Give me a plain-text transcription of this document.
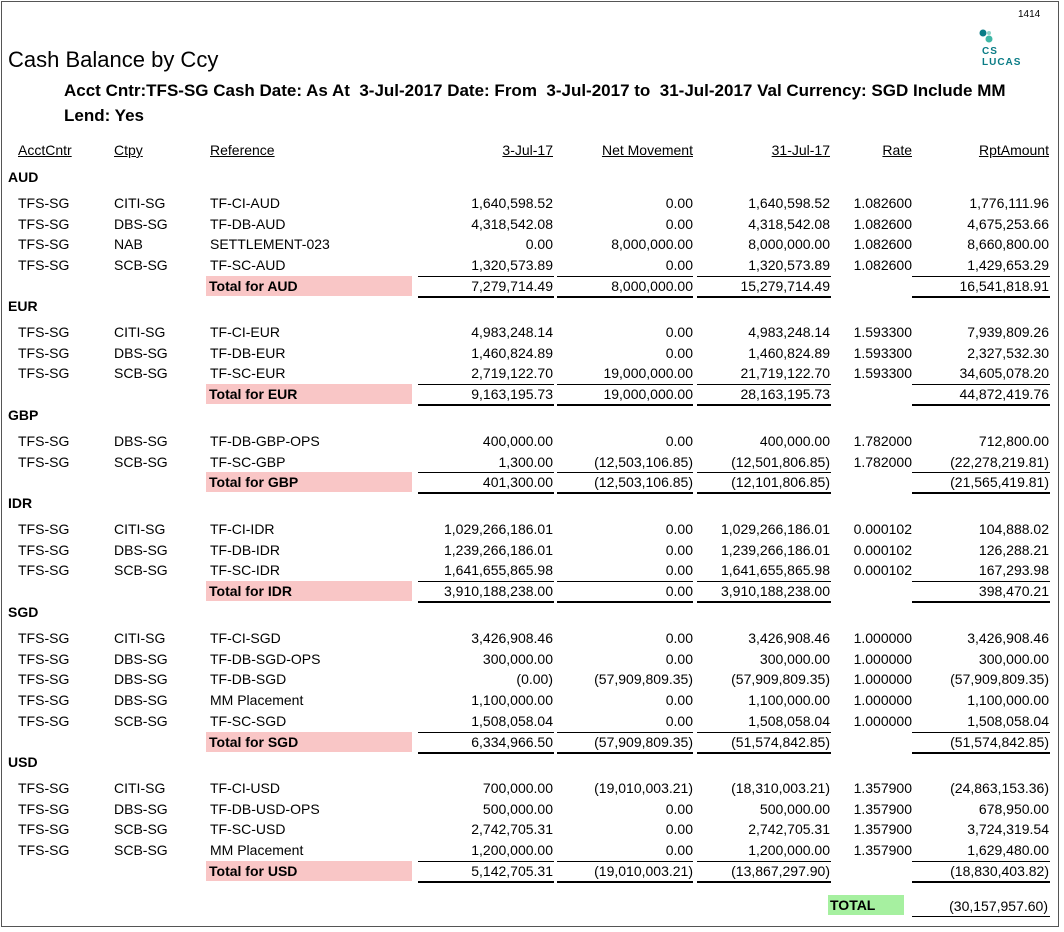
1414
CS
LUCAS
Cash Balance by Ccy
Acct Cntr:TFS-SG Cash Date: As At  3-Jul-2017 Date: From  3-Jul-2017 to  31-Jul-2017 Val Currency: SGD Include MM Lend: Yes
AcctCntr	Ctpy	Reference	3-Jul-17	Net Movement	31-Jul-17	Rate	RptAmount
AUD
TFS-SG	CITI-SG	TF-CI-AUD	1,640,598.52	0.00	1,640,598.52	1.082600	1,776,111.96
TFS-SG	DBS-SG	TF-DB-AUD	4,318,542.08	0.00	4,318,542.08	1.082600	4,675,253.66
TFS-SG	NAB	SETTLEMENT-023	0.00	8,000,000.00	8,000,000.00	1.082600	8,660,800.00
TFS-SG	SCB-SG	TF-SC-AUD	1,320,573.89	0.00	1,320,573.89	1.082600	1,429,653.29
Total for AUD	7,279,714.49	8,000,000.00	15,279,714.49	16,541,818.91
EUR
TFS-SG	CITI-SG	TF-CI-EUR	4,983,248.14	0.00	4,983,248.14	1.593300	7,939,809.26
TFS-SG	DBS-SG	TF-DB-EUR	1,460,824.89	0.00	1,460,824.89	1.593300	2,327,532.30
TFS-SG	SCB-SG	TF-SC-EUR	2,719,122.70	19,000,000.00	21,719,122.70	1.593300	34,605,078.20
Total for EUR	9,163,195.73	19,000,000.00	28,163,195.73	44,872,419.76
GBP
TFS-SG	DBS-SG	TF-DB-GBP-OPS	400,000.00	0.00	400,000.00	1.782000	712,800.00
TFS-SG	SCB-SG	TF-SC-GBP	1,300.00	(12,503,106.85)	(12,501,806.85)	1.782000	(22,278,219.81)
Total for GBP	401,300.00	(12,503,106.85)	(12,101,806.85)	(21,565,419.81)
IDR
TFS-SG	CITI-SG	TF-CI-IDR	1,029,266,186.01	0.00	1,029,266,186.01	0.000102	104,888.02
TFS-SG	DBS-SG	TF-DB-IDR	1,239,266,186.01	0.00	1,239,266,186.01	0.000102	126,288.21
TFS-SG	SCB-SG	TF-SC-IDR	1,641,655,865.98	0.00	1,641,655,865.98	0.000102	167,293.98
Total for IDR	3,910,188,238.00	0.00	3,910,188,238.00	398,470.21
SGD
TFS-SG	CITI-SG	TF-CI-SGD	3,426,908.46	0.00	3,426,908.46	1.000000	3,426,908.46
TFS-SG	DBS-SG	TF-DB-SGD-OPS	300,000.00	0.00	300,000.00	1.000000	300,000.00
TFS-SG	DBS-SG	TF-DB-SGD	(0.00)	(57,909,809.35)	(57,909,809.35)	1.000000	(57,909,809.35)
TFS-SG	DBS-SG	MM Placement	1,100,000.00	0.00	1,100,000.00	1.000000	1,100,000.00
TFS-SG	SCB-SG	TF-SC-SGD	1,508,058.04	0.00	1,508,058.04	1.000000	1,508,058.04
Total for SGD	6,334,966.50	(57,909,809.35)	(51,574,842.85)	(51,574,842.85)
USD
TFS-SG	CITI-SG	TF-CI-USD	700,000.00	(19,010,003.21)	(18,310,003.21)	1.357900	(24,863,153.36)
TFS-SG	DBS-SG	TF-DB-USD-OPS	500,000.00	0.00	500,000.00	1.357900	678,950.00
TFS-SG	SCB-SG	TF-SC-USD	2,742,705.31	0.00	2,742,705.31	1.357900	3,724,319.54
TFS-SG	SCB-SG	MM Placement	1,200,000.00	0.00	1,200,000.00	1.357900	1,629,480.00
Total for USD	5,142,705.31	(19,010,003.21)	(13,867,297.90)	(18,830,403.82)
TOTAL	(30,157,957.60)
